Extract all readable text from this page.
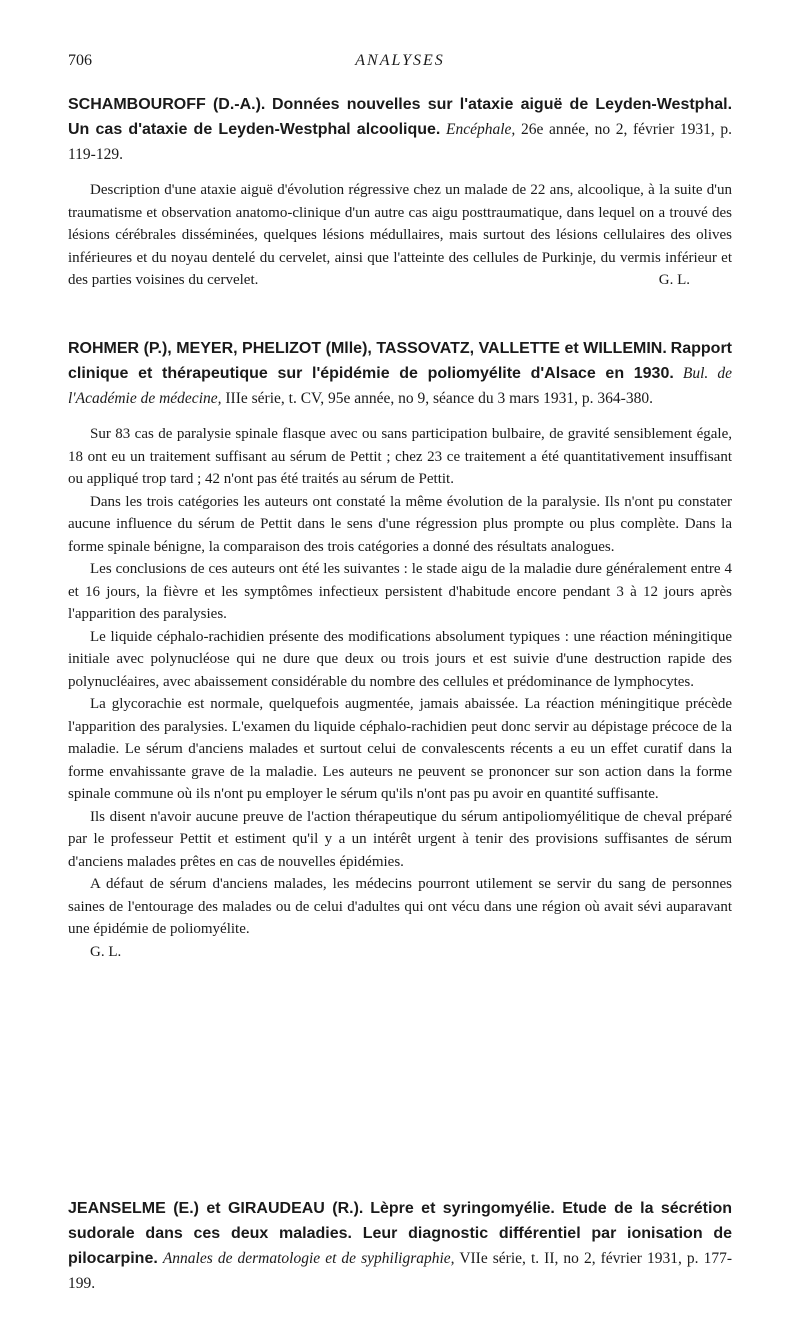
706	ANALYSES

SCHAMBOUROFF (D.-A.). Données nouvelles sur l'ataxie aiguë de Leyden-Westphal. Un cas d'ataxie de Leyden-Westphal alcoolique. Encéphale, 26e année, no 2, février 1931, p. 119-129.

Description d'une ataxie aiguë d'évolution régressive chez un malade de 22 ans, alcoolique, à la suite d'un traumatisme et observation anatomo-clinique d'un autre cas aigu posttraumatique, dans lequel on a trouvé des lésions cérébrales disséminées, quelques lésions médullaires, mais surtout des lésions cellulaires des olives inférieures et du noyau dentelé du cervelet, ainsi que l'atteinte des cellules de Purkinje, du vermis inférieur et des parties voisines du cervelet.	G. L.

ROHMER (P.), MEYER, PHELIZOT (Mlle), TASSOVATZ, VALLETTE et WILLEMIN. Rapport clinique et thérapeutique sur l'épidémie de poliomyélite d'Alsace en 1930. Bul. de l'Académie de médecine, IIIe série, t. CV, 95e année, no 9, séance du 3 mars 1931, p. 364-380.

Sur 83 cas de paralysie spinale flasque avec ou sans participation bulbaire, de gravité sensiblement égale, 18 ont eu un traitement suffisant au sérum de Pettit ; chez 23 ce traitement a été quantitativement insuffisant ou appliqué trop tard ; 42 n'ont pas été traités au sérum de Pettit.

Dans les trois catégories les auteurs ont constaté la même évolution de la paralysie. Ils n'ont pu constater aucune influence du sérum de Pettit dans le sens d'une régression plus prompte ou plus complète. Dans la forme spinale bénigne, la comparaison des trois catégories a donné des résultats analogues.

Les conclusions de ces auteurs ont été les suivantes : le stade aigu de la maladie dure généralement entre 4 et 16 jours, la fièvre et les symptômes infectieux persistent d'habitude encore pendant 3 à 12 jours après l'apparition des paralysies.

Le liquide céphalo-rachidien présente des modifications absolument typiques : une réaction méningitique initiale avec polynucléose qui ne dure que deux ou trois jours et est suivie d'une destruction rapide des polynucléaires, avec abaissement considérable du nombre des cellules et prédominance de lymphocytes.

La glycorachie est normale, quelquefois augmentée, jamais abaissée. La réaction méningitique précède l'apparition des paralysies. L'examen du liquide céphalo-rachidien peut donc servir au dépistage précoce de la maladie. Le sérum d'anciens malades et surtout celui de convalescents récents a eu un effet curatif dans la forme envahissante grave de la maladie. Les auteurs ne peuvent se prononcer sur son action dans la forme spinale commune où ils n'ont pu employer le sérum qu'ils n'ont pas pu avoir en quantité suffisante.

Ils disent n'avoir aucune preuve de l'action thérapeutique du sérum antipoliomyélitique de cheval préparé par le professeur Pettit et estiment qu'il y a un intérêt urgent à tenir des provisions suffisantes de sérum d'anciens malades prêtes en cas de nouvelles épidémies.

A défaut de sérum d'anciens malades, les médecins pourront utilement se servir du sang de personnes saines de l'entourage des malades ou de celui d'adultes qui ont vécu dans une région où avait sévi auparavant une épidémie de poliomyélite.

G. L.

JEANSELME (E.) et GIRAUDEAU (R.). Lèpre et syringomyélie. Etude de la sécrétion sudorale dans ces deux maladies. Leur diagnostic différentiel par ionisation de pilocarpine. Annales de dermatologie et de syphiligraphie, VIIe série, t. II, no 2, février 1931, p. 177-199.
